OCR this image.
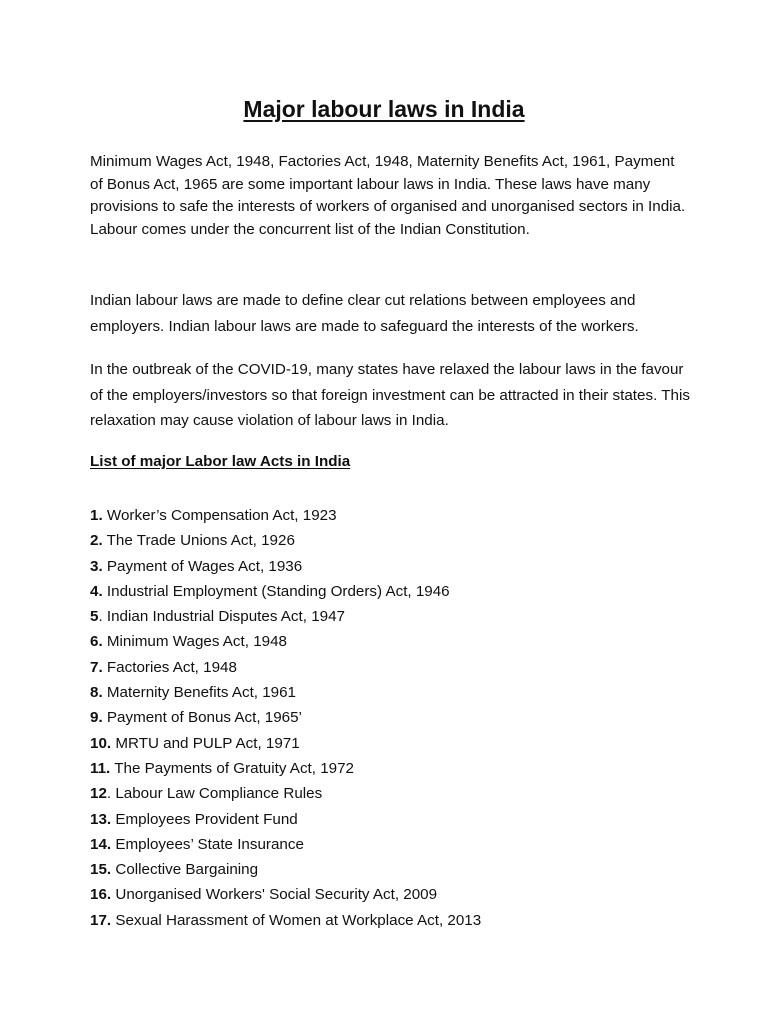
Major labour laws in India

Minimum Wages Act, 1948, Factories Act, 1948, Maternity Benefits Act, 1961, Payment of Bonus Act, 1965 are some important labour laws in India. These laws have many provisions to safe the interests of workers of organised and unorganised sectors in India. Labour comes under the concurrent list of the Indian Constitution.

Indian labour laws are made to define clear cut relations between employees and employers. Indian labour laws are made to safeguard the interests of the workers.

In the outbreak of the COVID-19, many states have relaxed the labour laws in the favour of the employers/investors so that foreign investment can be attracted in their states. This relaxation may cause violation of labour laws in India.

List of major Labor law Acts in India
1. Worker’s Compensation Act, 1923
2. The Trade Unions Act, 1926
3. Payment of Wages Act, 1936
4. Industrial Employment (Standing Orders) Act, 1946
5. Indian Industrial Disputes Act, 1947
6. Minimum Wages Act, 1948
7. Factories Act, 1948
8. Maternity Benefits Act, 1961
9. Payment of Bonus Act, 1965’
10. MRTU and PULP Act, 1971
11. The Payments of Gratuity Act, 1972
12. Labour Law Compliance Rules
13. Employees Provident Fund
14. Employees’ State Insurance
15. Collective Bargaining
16. Unorganised Workers' Social Security Act, 2009
17. Sexual Harassment of Women at Workplace Act, 2013
